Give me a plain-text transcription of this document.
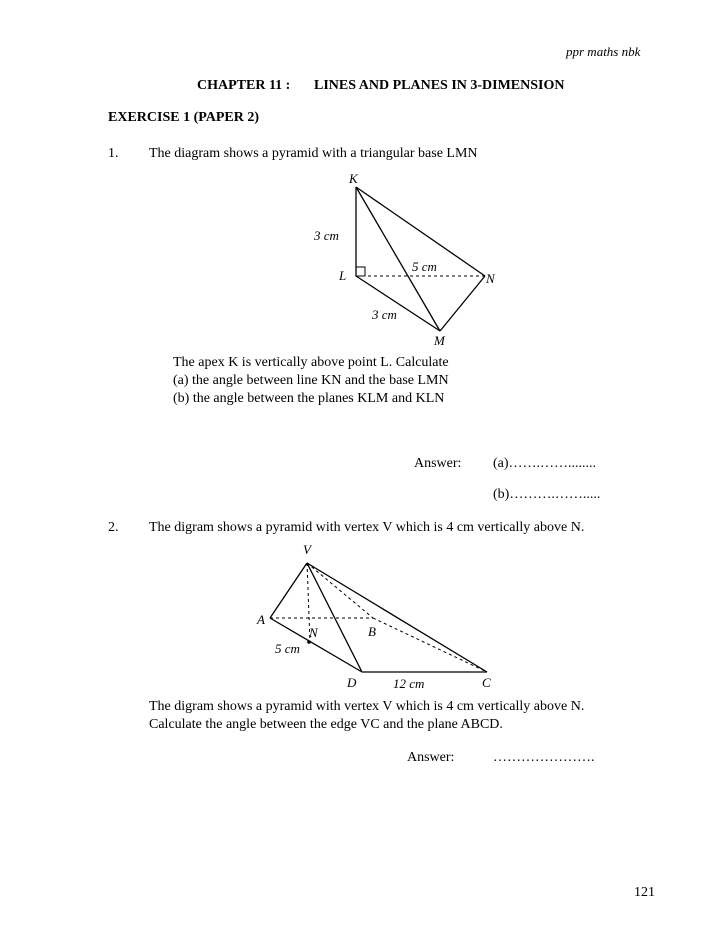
ppr maths nbk
CHAPTER 11 : LINES AND PLANES IN 3-DIMENSION
EXERCISE 1 (PAPER 2)
1. The diagram shows a pyramid with a triangular base LMN
K
3 cm
L
5 cm
N
3 cm
M
The apex K is vertically above point L. Calculate
(a) the angle between line KN and the base LMN
(b) the angle between the planes KLM and KLN
Answer: (a)…….……........
(b)……….…….....
2. The digram shows a pyramid with vertex V which is 4 cm vertically above N.
V
A
N	B
5 cm
D	12 cm	C
The digram shows a pyramid with vertex V which is 4 cm vertically above N.
Calculate the angle between the edge VC and the plane ABCD.
Answer:	………………….
121
